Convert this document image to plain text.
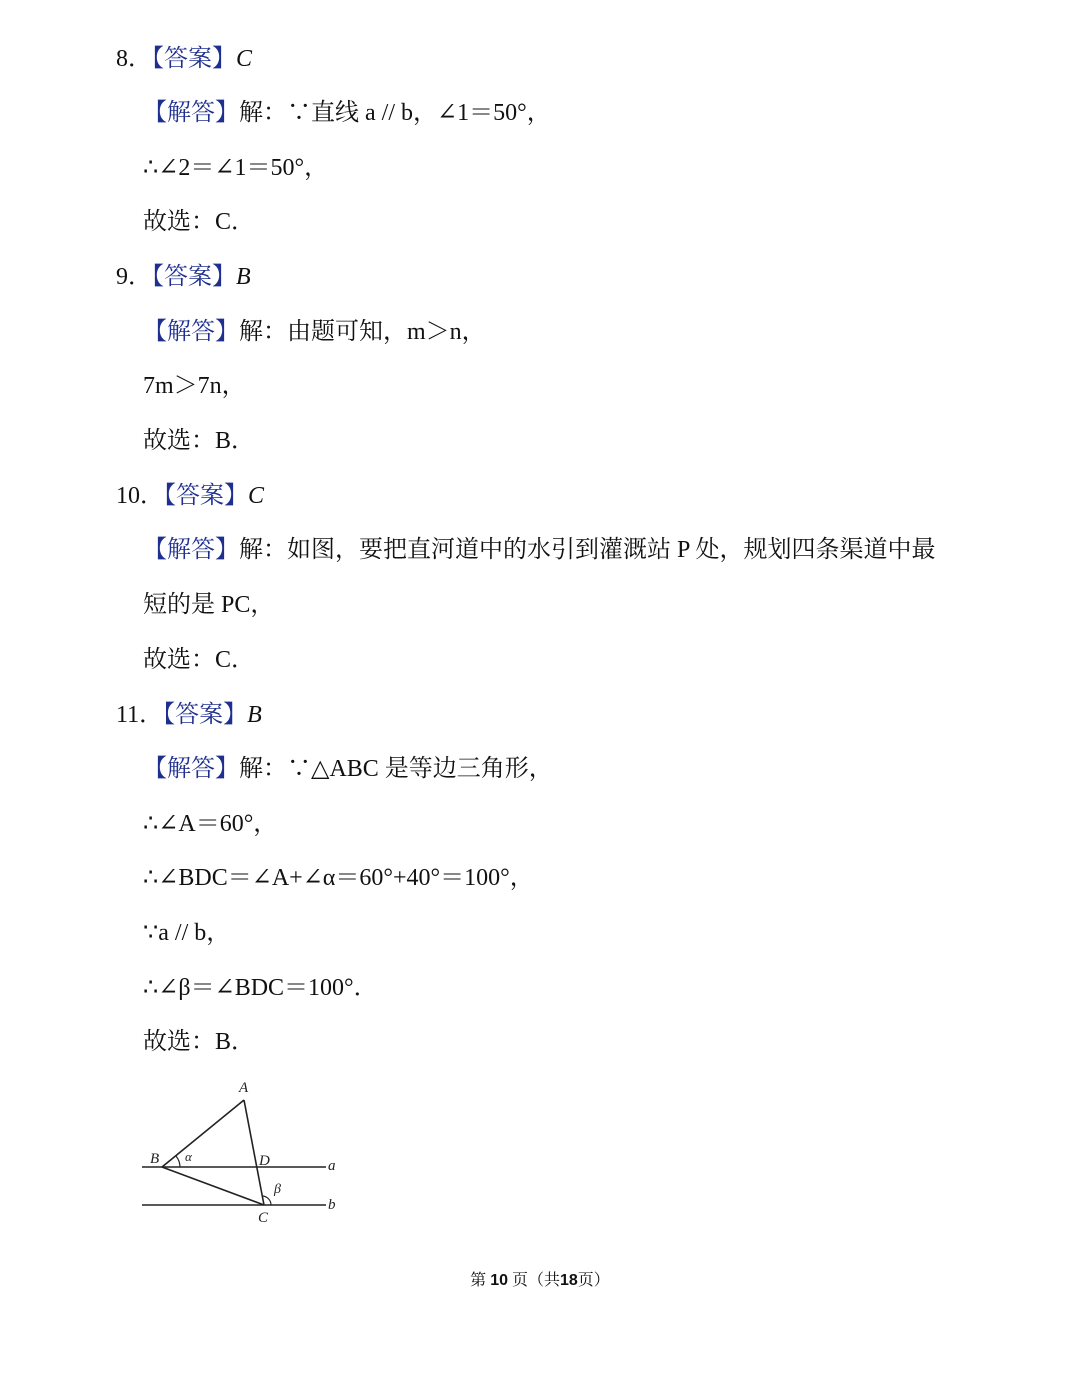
8．【答案】C
【解答】解：∵直线 a // b，∠1＝50°，
∴∠2＝∠1＝50°，
故选：C．
9．【答案】B
【解答】解：由题可知，m＞n，
7m＞7n，
故选：B．
10．【答案】C
【解答】解：如图，要把直河道中的水引到灌溉站 P 处，规划四条渠道中最
短的是 PC，
故选：C．
11．【答案】B
【解答】解：∵△ABC 是等边三角形，
∴∠A＝60°，
∴∠BDC＝∠A+∠α＝60°+40°＝100°，
∵a // b，
∴∠β＝∠BDC＝100°．
故选：B．
A
B	D
C
a
b
α
β
第 10 页（共18页）
